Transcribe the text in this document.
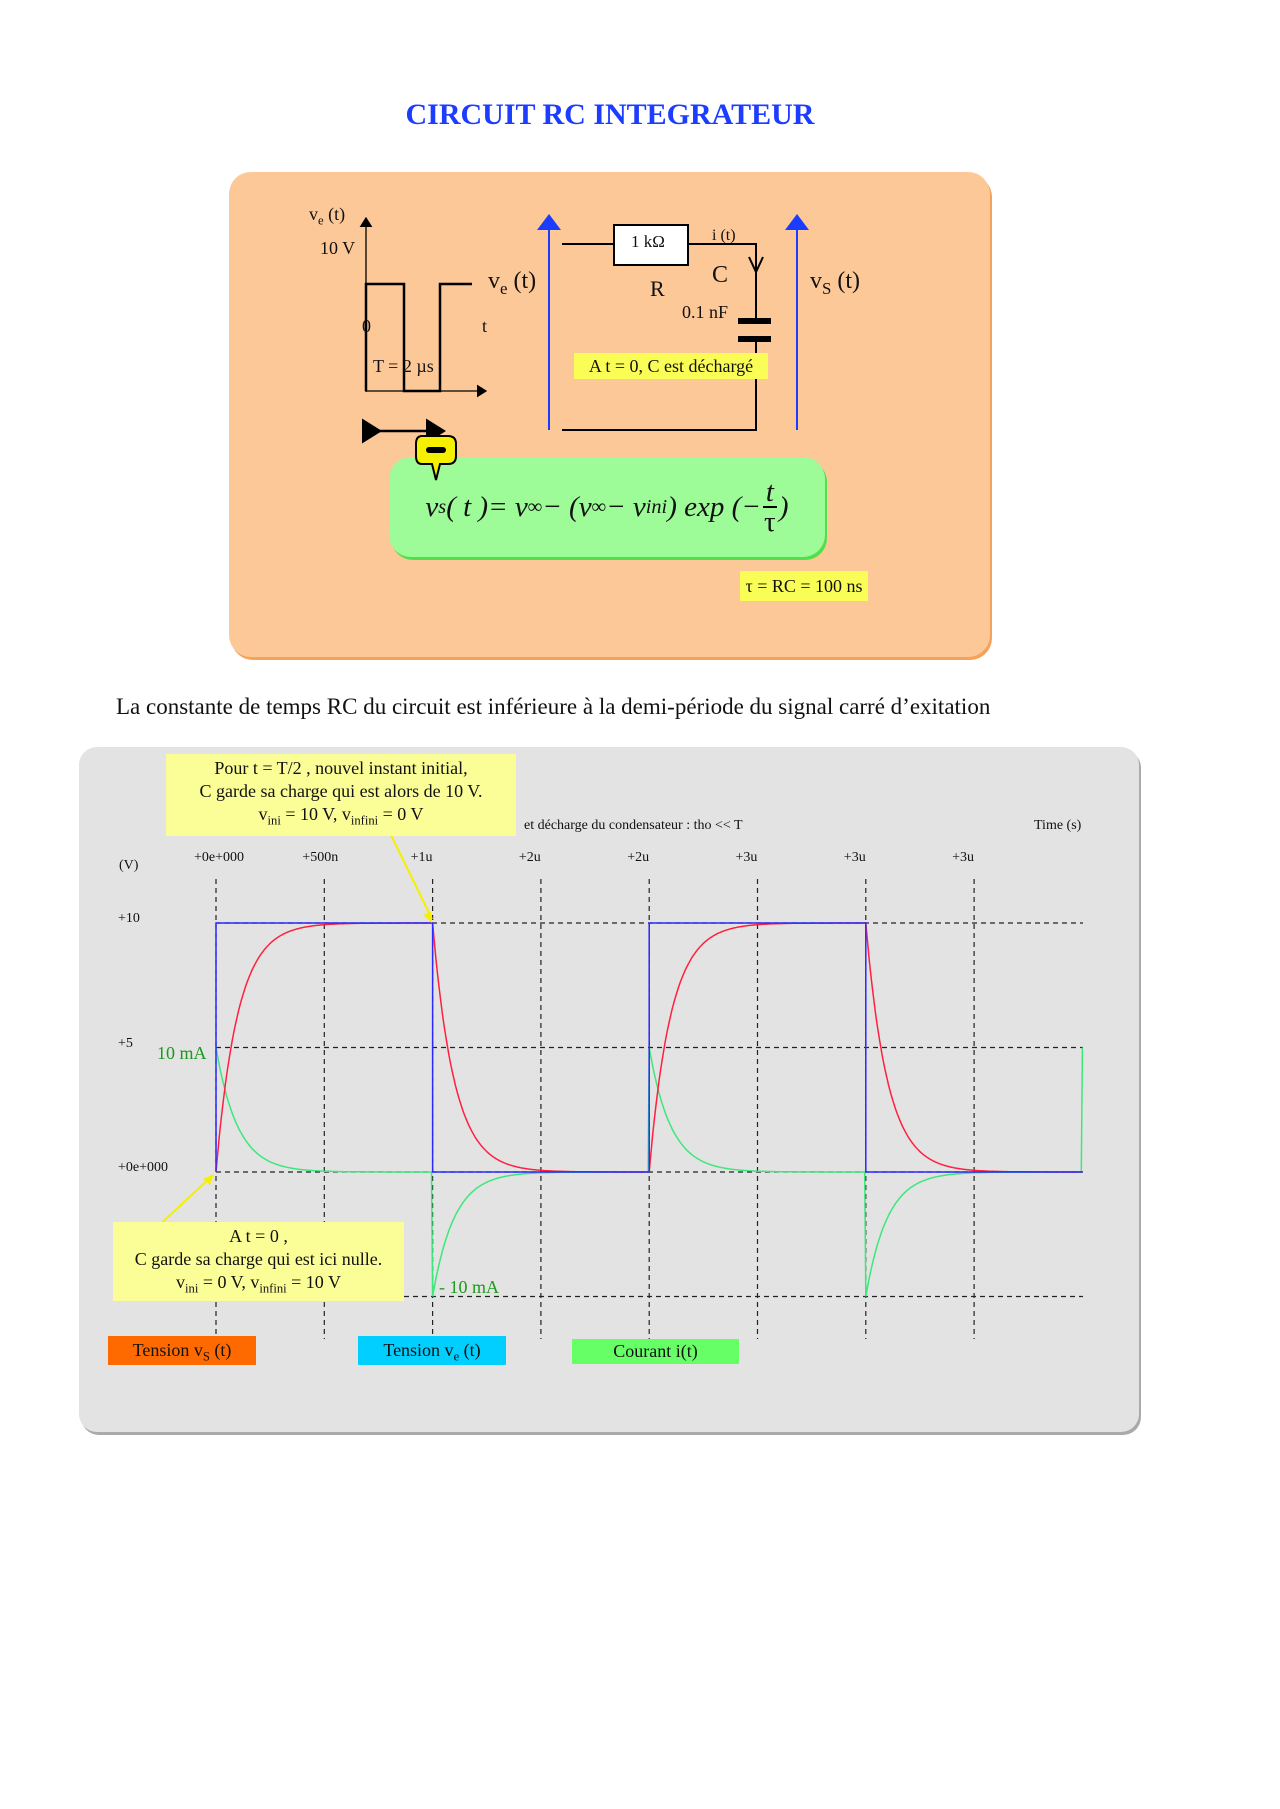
CIRCUIT RC INTEGRATEUR
$v_e$ (t)
10 V
0	t
T = 2 µs
1 kΩ
R
i (t)
C
0.1 nF
$v_e$ (t)	$v_S$ (t)
A t = 0, C est déchargé
v s ( t ) = v ∞ − (v ∞ − v ini )
exp (− $\frac{t}{\tau}$ )
τ = RC = 100 ns
La constante de temps RC du circuit est inférieure à la demi-période du signal carré d’exitation
et décharge du condensateur : tho << T	Time (s)
(V)
+0e+000	+500n	+1u	+2u	+2u	+3u	+3u	+3u
+10
+5
+0e+000
10 mA
- 10 mA
Pour t = T/2 , nouvel instant initial,
C garde sa charge qui est alors de 10 V.
$v_{ini} = 10$ V, $v_{infini} = 0$ V
A t = 0 ,
C garde sa charge qui est ici nulle.
$v_{ini} = 0$ V, $v_{infini} = 10$ V
Tension $v_S$ (t)	Tension $v_e$ (t)	Courant i(t)
